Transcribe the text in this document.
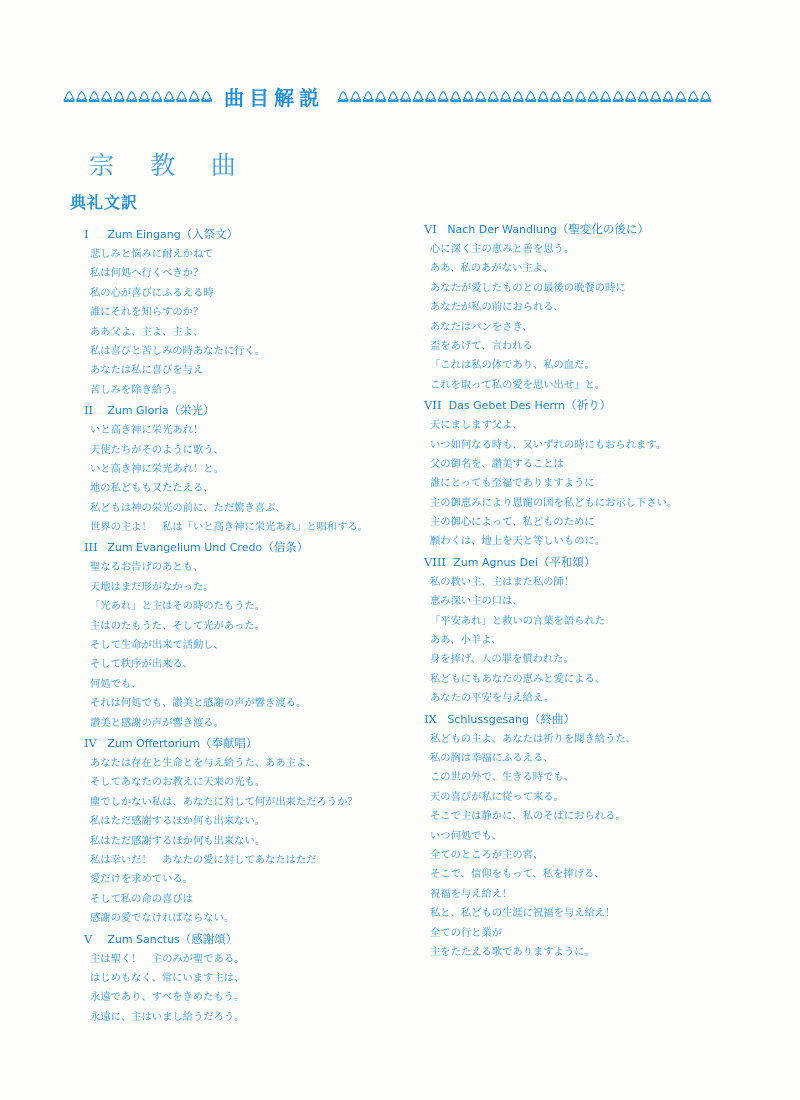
曲目解説
宗 教 曲
典礼文訳
I Zum Eingang（入祭文）
悲しみと悩みに耐えかねて
私は何処へ行くべきか？
私の心が喜びにふるえる時
誰にそれを知らすのか？
ああ父よ、主よ、主よ、
私は喜びと苦しみの時あなたに行く。
あなたは私に喜びを与え
苦しみを除き給う。
II Zum Gloria（栄光）
いと高き神に栄光あれ！
天使たちがそのように歌う、
いと高き神に栄光あれ！と。
地の私どもも又たたえる、
私どもは神の栄光の前に、ただ驚き喜ぶ、
世界の主よ！　私は「いと高き神に栄光あれ」と唱和する。
III Zum Evangelium Und Credo（信条）
聖なるお告げのあとも、
天地はまだ形がなかった。
「光あれ」と主はその時のたもうた。
主はのたもうた、そして光があった。
そして生命が出来て活動し、
そして秩序が出来る、
何処でも、
それは何処でも、讃美と感謝の声が響き渡る。
讃美と感謝の声が響き渡る。
IV Zum Offertorium（奉献唱）
あなたは存在と生命とを与え給うた、ああ主よ、
そしてあなたのお教えに天来の光も。
塵でしかない私は、あなたに対して何が出来ただろうか？
私はただ感謝するほか何も出来ない。
私はただ感謝するほか何も出来ない。
私は幸いだ！　あなたの愛に対してあなたはただ
愛だけを求めている。
そして私の命の喜びは
感謝の愛でなければならない。
V Zum Sanctus（感謝頌）
主は聖く！　主のみが聖である。
はじめもなく、常にいます主は、
永遠であり、すべをきめたもう。
永遠に、主はいまし給うだろう。
VI Nach Der Wandlung（聖変化の後に）
心に深く主の恵みと善を思う。
ああ、私のあがない主よ、
あなたが愛したものとの最後の晩餐の時に
あなたが私の前におられる、
あなたはパンをさき、
盃をあげて、言われる
「これは私の体であり、私の血だ。
これを取って私の愛を思い出せ」と。
VII Das Gebet Des Herrn（祈り）
天にまします父よ、
いつ如何なる時も、又いずれの時にもおられます。
父の御名を、讃美することは
誰にとっても至福でありますように
主の御恵みにより恩寵の国を私どもにお示し下さい。
主の御心によって、私どものために
願わくは、地上を天と等しいものに。
VIII Zum Agnus Dei（平和頌）
私の救い主、主はまた私の師！
恵み深い主の口は、
「平安あれ」と救いの言葉を語られた
ああ、小羊よ、
身を捧げ、人の罪を償われた。
私どもにもあなたの恵みと愛による、
あなたの平安を与え給え。
IX Schlussgesang（終曲）
私どもの主よ、あなたは祈りを聞き給うた、
私の胸は幸福にふるえる、
この世の外で、生きる時でも、
天の喜びが私に従って来る。
そこで主は静かに、私のそばにおられる。
いつ何処でも、
全てのところが主の宮、
そこで、信仰をもって、私を捧げる、
祝福を与え給え！
私と、私どもの生涯に祝福を与え給え！
全ての行と業が
主をたたえる歌でありますように。
